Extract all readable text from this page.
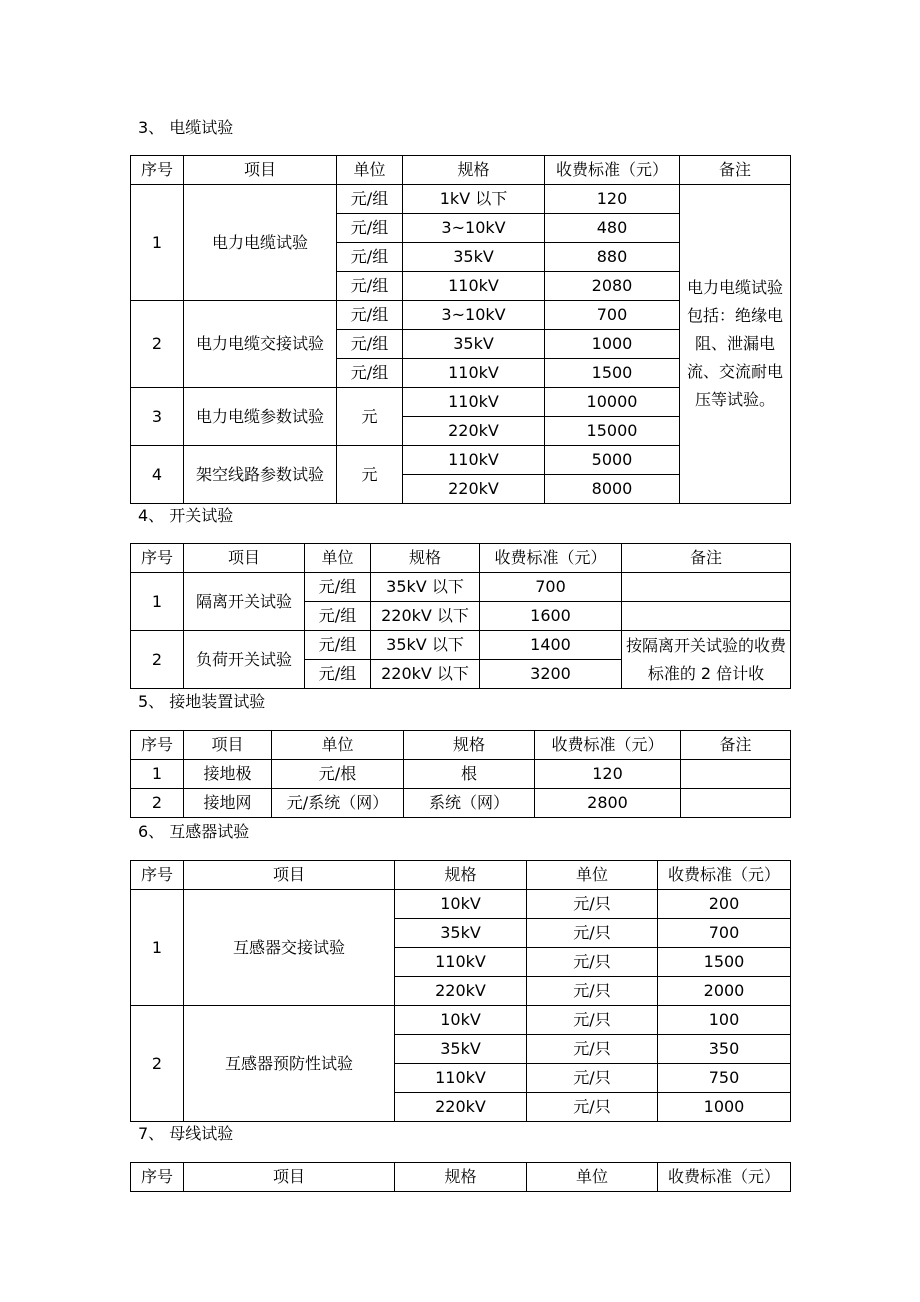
3、 电缆试验
序号	项目	单位	规格	收费标准（元）	备注
1	电力电缆试验	元/组	1kV 以下	120	电力电缆试验包括：绝缘电阻、泄漏电流、交流耐电压等试验。
		元/组	3~10kV	480	
		元/组	35kV	880	
		元/组	110kV	2080	
2	电力电缆交接试验	元/组	3~10kV	700	
		元/组	35kV	1000	
		元/组	110kV	1500	
3	电力电缆参数试验	元	110kV	10000	
			220kV	15000	
4	架空线路参数试验	元	110kV	5000	
			220kV	8000	
4、 开关试验
序号	项目	单位	规格	收费标准（元）	备注
1	隔离开关试验	元/组	35kV 以下	700	
		元/组	220kV 以下	1600	
2	负荷开关试验	元/组	35kV 以下	1400	按隔离开关试验的收费标准的 2 倍计收
		元/组	220kV 以下	3200	
5、 接地装置试验
序号	项目	单位	规格	收费标准（元）	备注
1	接地极	元/根	根	120	
2	接地网	元/系统（网）	系统（网）	2800	
6、 互感器试验
序号	项目	规格	单位	收费标准（元）
1	互感器交接试验	10kV	元/只	200
		35kV	元/只	700
		110kV	元/只	1500
		220kV	元/只	2000
2	互感器预防性试验	10kV	元/只	100
		35kV	元/只	350
		110kV	元/只	750
		220kV	元/只	1000
7、 母线试验
序号	项目	规格	单位	收费标准（元）
